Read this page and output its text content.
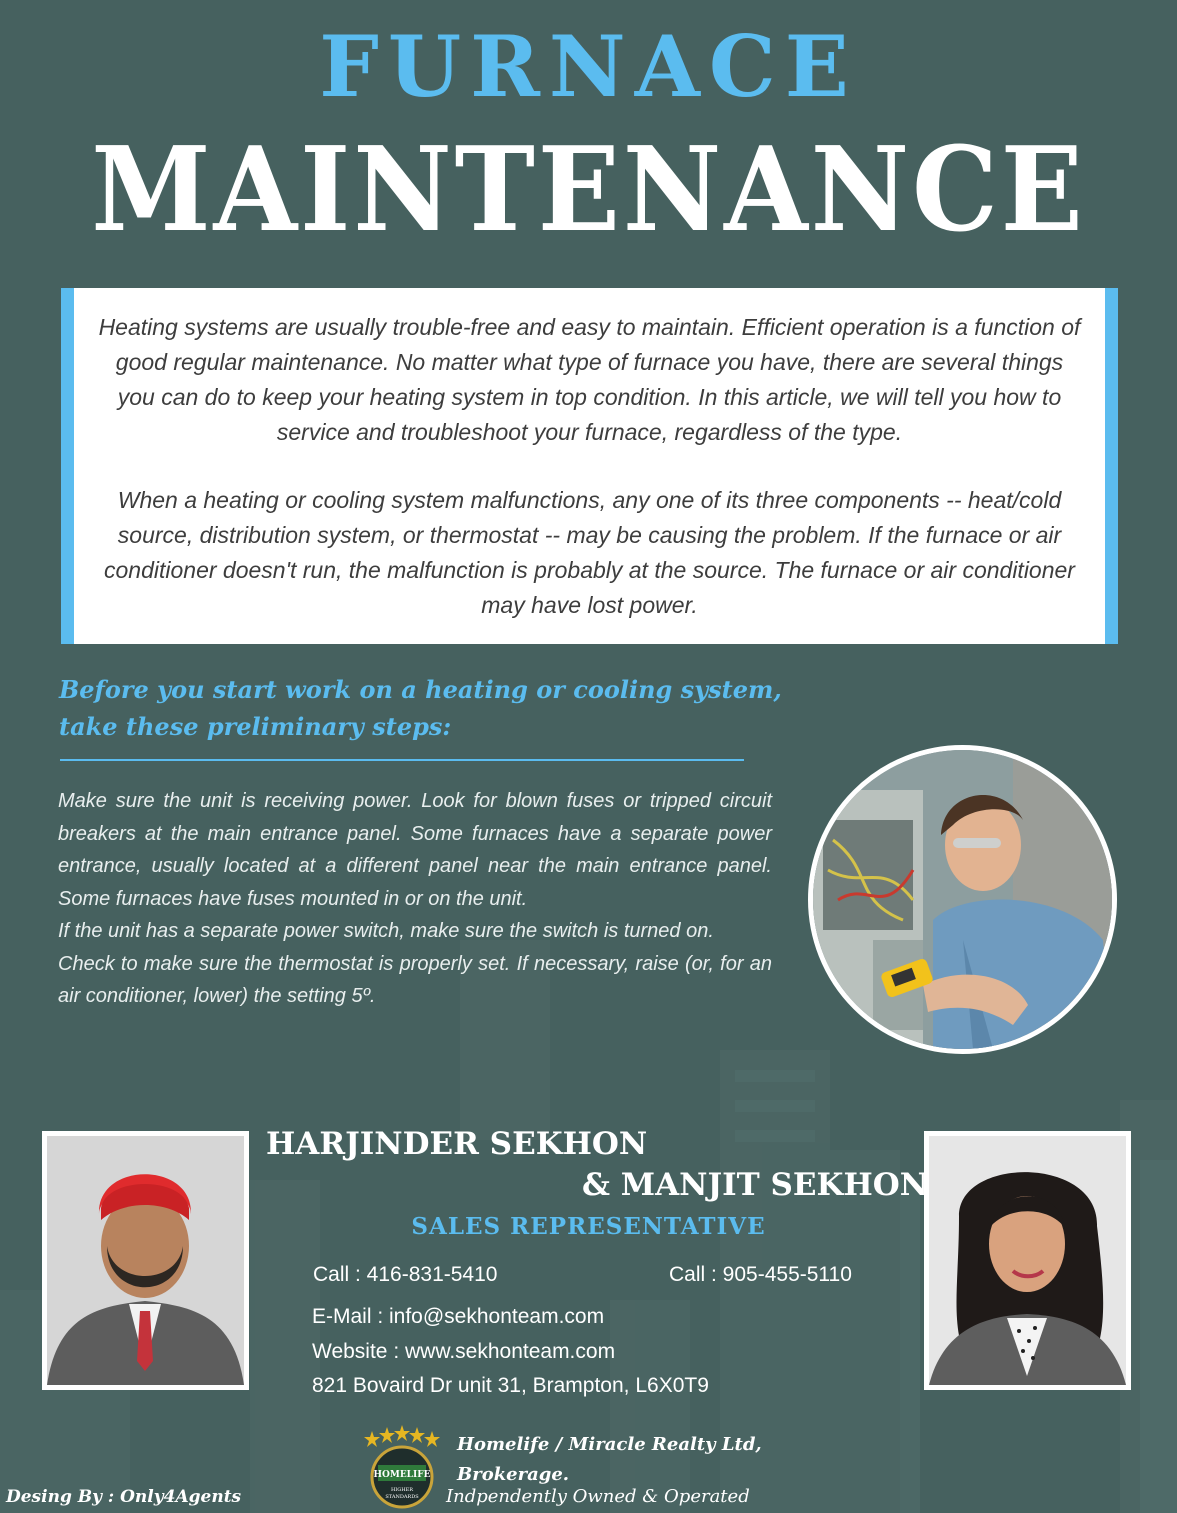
FURNACE
MAINTENANCE

Heating systems are usually trouble-free and easy to maintain. Efficient operation is a function of good regular maintenance. No matter what type of furnace you have, there are several things you can do to keep your heating system in top condition. In this article, we will tell you how to service and troubleshoot your furnace, regardless of the type.

When a heating or cooling system malfunctions, any one of its three components -- heat/cold source, distribution system, or thermostat -- may be causing the problem. If the furnace or air conditioner doesn't run, the malfunction is probably at the source. The furnace or air conditioner may have lost power.

Before you start work on a heating or cooling system, take these preliminary steps:

Make sure the unit is receiving power. Look for blown fuses or tripped circuit breakers at the main entrance panel. Some furnaces have a separate power entrance, usually located at a different panel near the main entrance panel. Some furnaces have fuses mounted in or on the unit.

If the unit has a separate power switch, make sure the switch is turned on.

Check to make sure the thermostat is properly set. If necessary, raise (or, for an air conditioner, lower) the setting 5º.

HARJINDER SEKHON
& MANJIT SEKHON
SALES REPRESENTATIVE
Call : 416-831-5410	Call : 905-455-5110
E-Mail : info@sekhonteam.com
Website : www.sekhonteam.com
821 Bovaird Dr unit 31, Brampton, L6X0T9
HOMELIFE
HIGHER
STANDARDS
Homelife / Miracle Realty Ltd,
Brokerage.
Indpendently Owned & Operated
Desing By : Only4Agents
